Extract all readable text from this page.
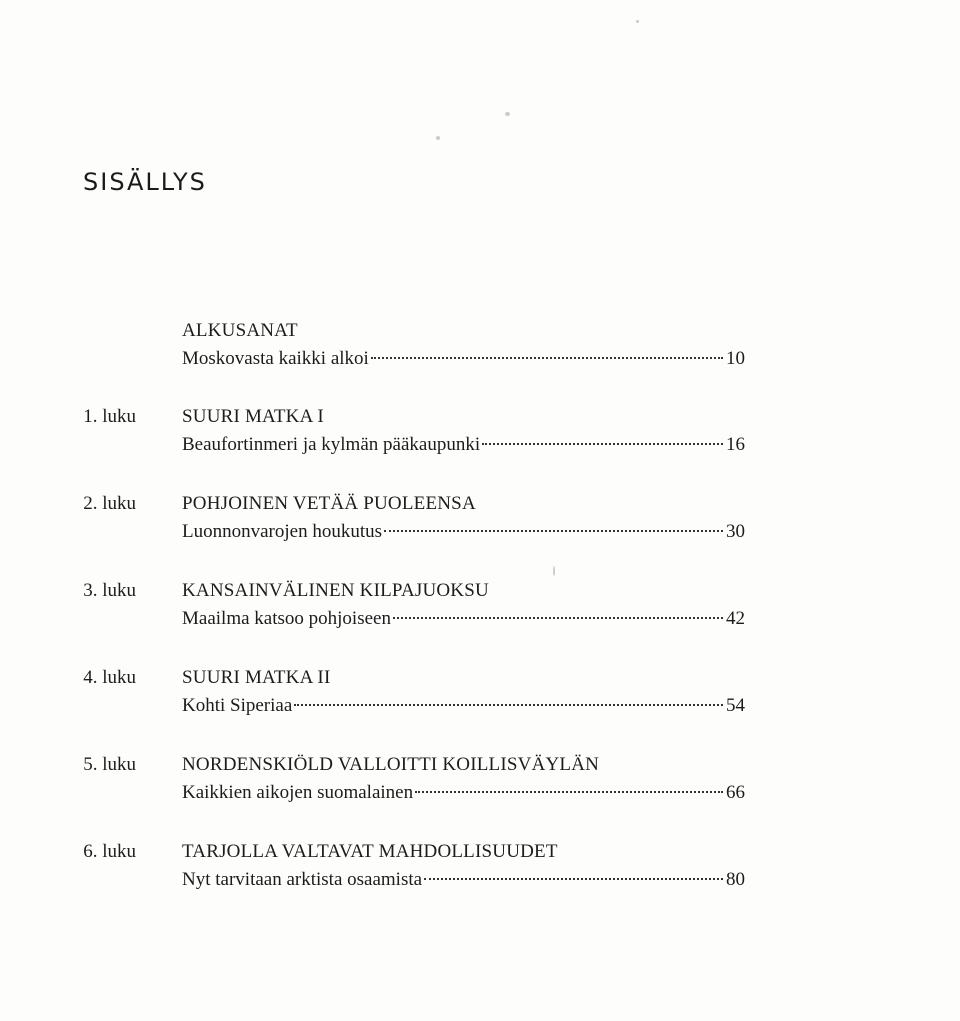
SISÄLLYS
ALKUSANAT
Moskovasta kaikki alkoi	10
1. luku SUURI MATKA I
Beaufortinmeri ja kylmän pääkaupunki	16
2. luku POHJOINEN VETÄÄ PUOLEENSA
Luonnonvarojen houkutus	30
3. luku KANSAINVÄLINEN KILPAJUOKSU
Maailma katsoo pohjoiseen	42
4. luku SUURI MATKA II
Kohti Siperiaa	54
5. luku NORDENSKIÖLD VALLOITTI KOILLISVÄYLÄN
Kaikkien aikojen suomalainen	66
6. luku TARJOLLA VALTAVAT MAHDOLLISUUDET
Nyt tarvitaan arktista osaamista	80
